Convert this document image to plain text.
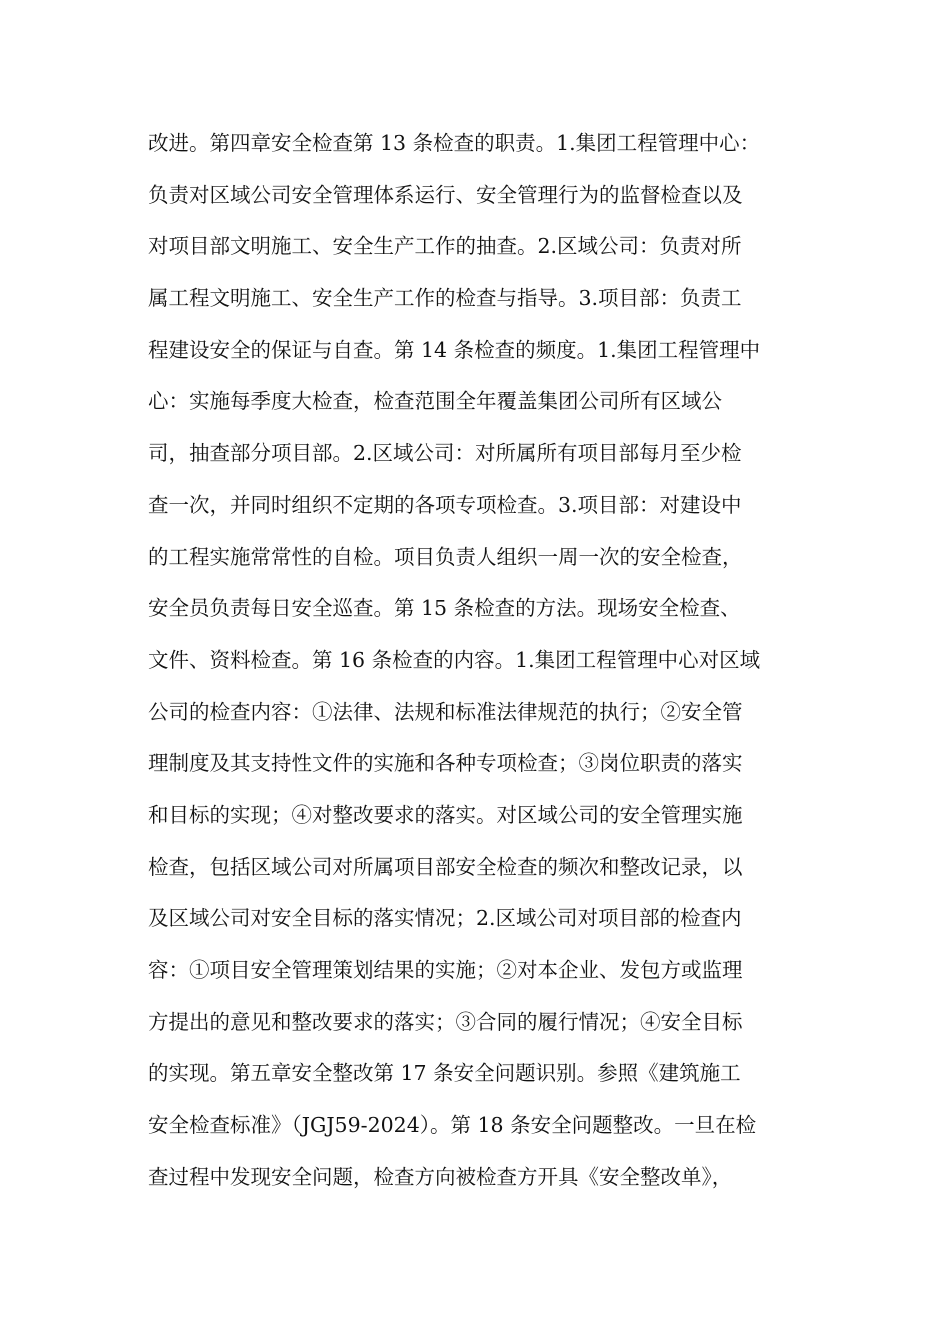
改进。第四章安全检查第 13 条检查的职责。1.集团工程管理中心：
负责对区域公司安全管理体系运行、安全管理行为的监督检查以及
对项目部文明施工、安全生产工作的抽查。2.区域公司：负责对所
属工程文明施工、安全生产工作的检查与指导。3.项目部：负责工
程建设安全的保证与自查。第 14 条检查的频度。1.集团工程管理中
心：实施每季度大检查，检查范围全年覆盖集团公司所有区域公
司，抽查部分项目部。2.区域公司：对所属所有项目部每月至少检
查一次，并同时组织不定期的各项专项检查。3.项目部：对建设中
的工程实施常常性的自检。项目负责人组织一周一次的安全检查，
安全员负责每日安全巡查。第 15 条检查的方法。现场安全检查、
文件、资料检查。第 16 条检查的内容。1.集团工程管理中心对区域
公司的检查内容：①法律、法规和标准法律规范的执行；②安全管
理制度及其支持性文件的实施和各种专项检查；③岗位职责的落实
和目标的实现；④对整改要求的落实。对区域公司的安全管理实施
检查，包括区域公司对所属项目部安全检查的频次和整改记录，以
及区域公司对安全目标的落实情况；2.区域公司对项目部的检查内
容：①项目安全管理策划结果的实施；②对本企业、发包方或监理
方提出的意见和整改要求的落实；③合同的履行情况；④安全目标
的实现。第五章安全整改第 17 条安全问题识别。参照《建筑施工
安全检查标准》（JGJ59-2024）。第 18 条安全问题整改。一旦在检
查过程中发现安全问题，检查方向被检查方开具《安全整改单》，
